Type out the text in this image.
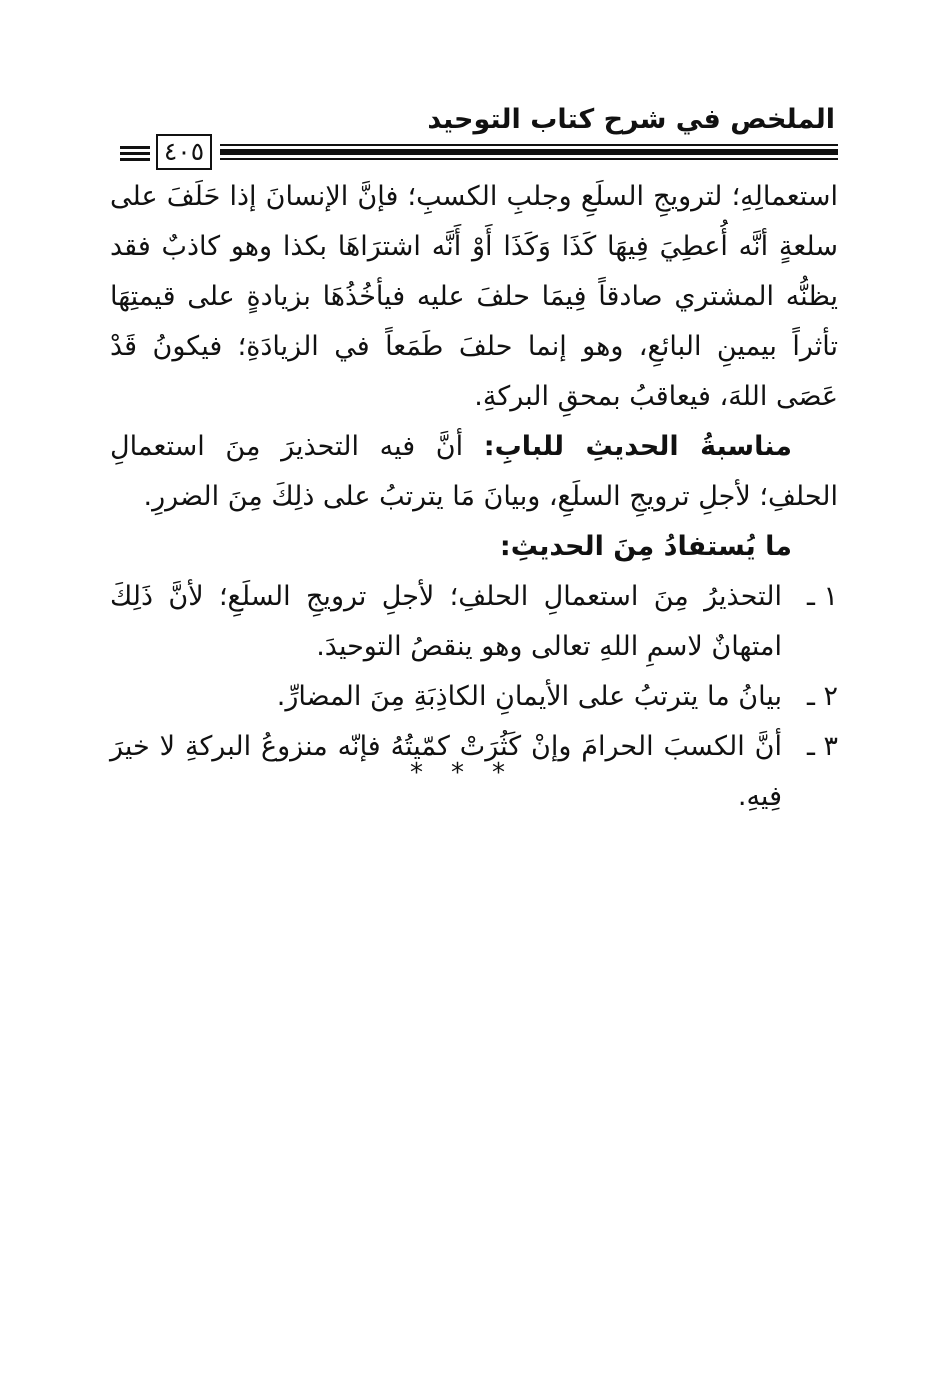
الملخص في شرح كتاب التوحيد
٤٠٥

استعمالِهِ؛ لترويجِ السلَعِ وجلبِ الكسبِ؛ فإنَّ الإنسانَ إذا حَلَفَ على سلعةٍ أنَّه أُعطِيَ فِيهَا كَذَا وَكَذَا أَوْ أَنَّه اشترَاهَا بكذا وهو كاذبٌ فقد يظنُّه المشتري صادقاً فِيمَا حلفَ عليه فيأخُذُهَا بزيادةٍ على قيمتِهَا تأثراً بيمينِ البائعِ، وهو إنما حلفَ طَمَعاً في الزيادَةِ؛ فيكونُ قَدْ عَصَى اللهَ، فيعاقبُ بمحقِ البركةِ.

مناسبةُ الحديثِ للبابِ: أنَّ فيه التحذيرَ مِنَ استعمالِ الحلفِ؛ لأجلِ ترويجِ السلَعِ، وبيانَ مَا يترتبُ على ذلِكَ مِنَ الضررِ.

ما يُستفادُ مِنَ الحديثِ:

١ ـ
التحذيرُ مِنَ استعمالِ الحلفِ؛ لأجلِ ترويجِ السلَعِ؛ لأنَّ ذَلِكَ امتهانٌ لاسمِ اللهِ تعالى وهو ينقصُ التوحيدَ.
٢ ـ
بيانُ ما يترتبُ على الأيمانِ الكاذِبَةِ مِنَ المضارِّ.
٣ ـ
أنَّ الكسبَ الحرامَ وإنْ كَثُرَتْ كمّيتُهُ فإنّه منزوعُ البركةِ لا خيرَ فِيهِ.
***
